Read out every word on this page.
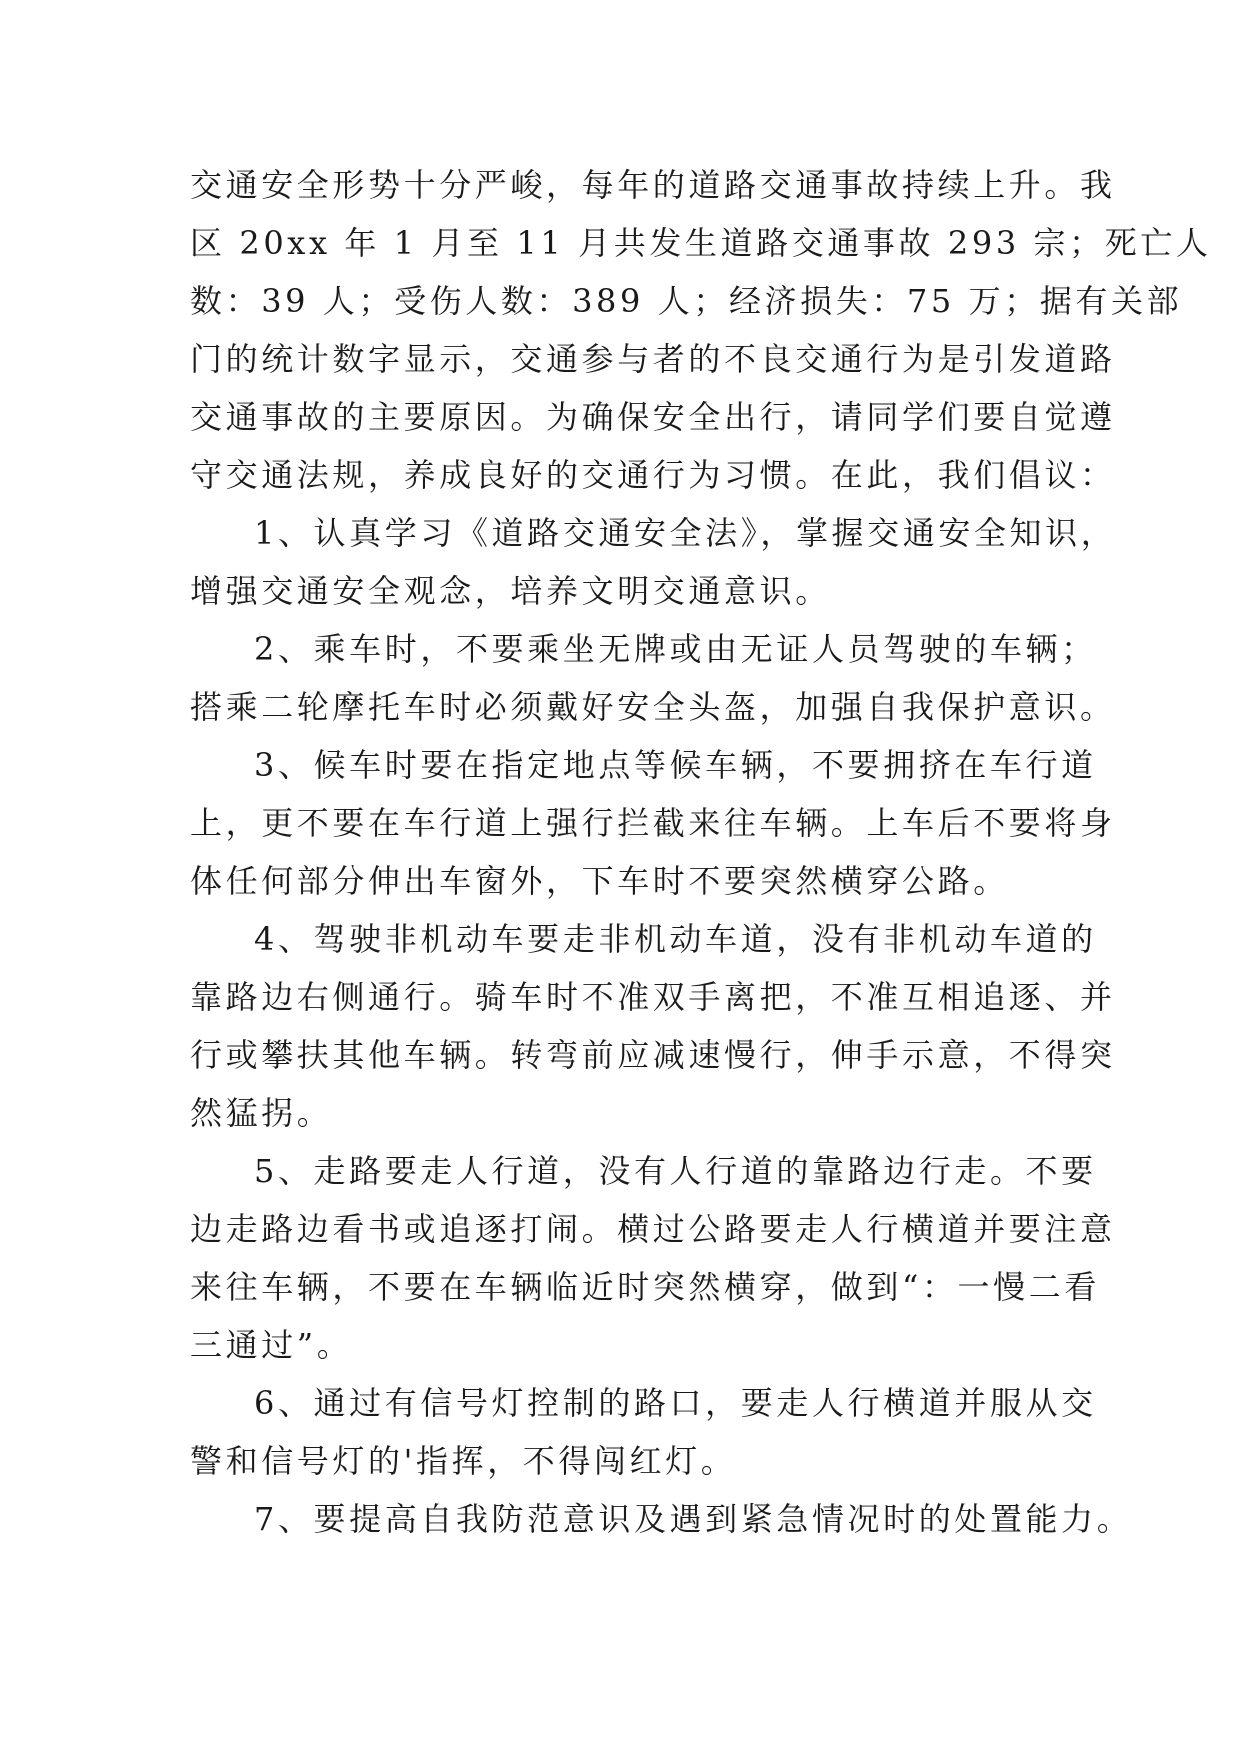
交通安全形势十分严峻，每年的道路交通事故持续上升。我
区 20xx 年 1 月至 11 月共发生道路交通事故 293 宗；死亡人
数：39 人；受伤人数：389 人；经济损失：75 万；据有关部
门的统计数字显示，交通参与者的不良交通行为是引发道路
交通事故的主要原因。为确保安全出行，请同学们要自觉遵
守交通法规，养成良好的交通行为习惯。在此，我们倡议：
1、认真学习《道路交通安全法》，掌握交通安全知识，
增强交通安全观念，培养文明交通意识。
2、乘车时，不要乘坐无牌或由无证人员驾驶的车辆；
搭乘二轮摩托车时必须戴好安全头盔，加强自我保护意识。
3、候车时要在指定地点等候车辆，不要拥挤在车行道
上，更不要在车行道上强行拦截来往车辆。上车后不要将身
体任何部分伸出车窗外，下车时不要突然横穿公路。
4、驾驶非机动车要走非机动车道，没有非机动车道的
靠路边右侧通行。骑车时不准双手离把，不准互相追逐、并
行或攀扶其他车辆。转弯前应减速慢行，伸手示意，不得突
然猛拐。
5、走路要走人行道，没有人行道的靠路边行走。不要
边走路边看书或追逐打闹。横过公路要走人行横道并要注意
来往车辆，不要在车辆临近时突然横穿，做到“：一慢二看
三通过”。
6、通过有信号灯控制的路口，要走人行横道并服从交
警和信号灯的'指挥，不得闯红灯。
7、要提高自我防范意识及遇到紧急情况时的处置能力。
